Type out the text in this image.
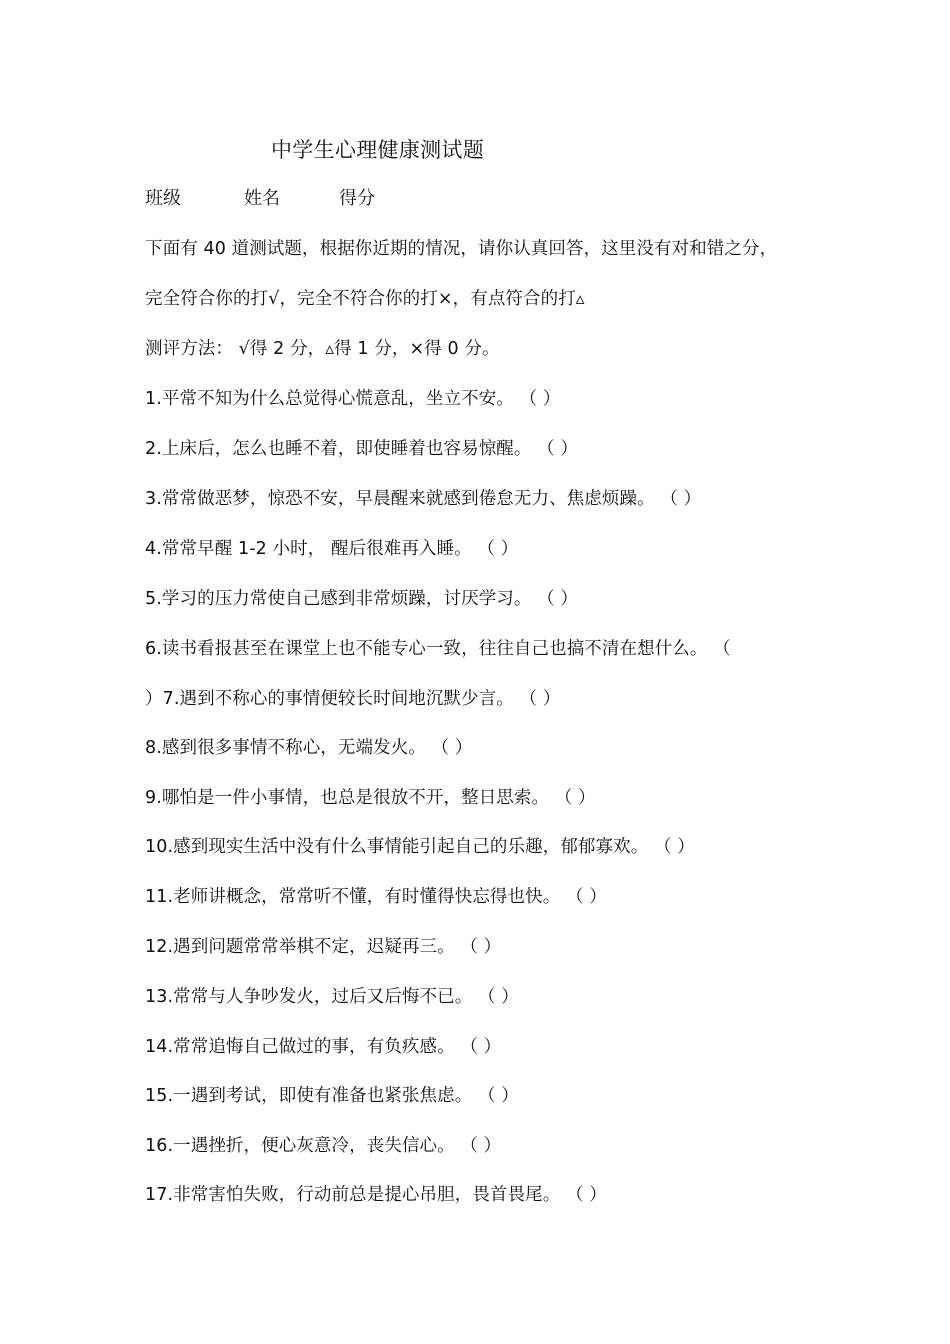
中学生心理健康测试题
班级	姓名	得分
下面有 40 道测试题，根据你近期的情况，请你认真回答，这里没有对和错之分，
完全符合你的打√，完全不符合你的打×，有点符合的打▵
测评方法： √得 2 分，▵得 1 分，×得 0 分。
1.平常不知为什么总觉得心慌意乱，坐立不安。 （ ）
2.上床后，怎么也睡不着，即使睡着也容易惊醒。 （ ）
3.常常做恶梦，惊恐不安，早晨醒来就感到倦怠无力、焦虑烦躁。 （ ）
4.常常早醒 1-2 小时， 醒后很难再入睡。 （ ）
5.学习的压力常使自己感到非常烦躁，讨厌学习。 （ ）
6.读书看报甚至在课堂上也不能专心一致，往往自己也搞不清在想什么。 （
）7.遇到不称心的事情便较长时间地沉默少言。 （ ）
8.感到很多事情不称心，无端发火。 （ ）
9.哪怕是一件小事情，也总是很放不开，整日思索。 （ ）
10.感到现实生活中没有什么事情能引起自己的乐趣，郁郁寡欢。 （ ）
11.老师讲概念，常常听不懂，有时懂得快忘得也快。 （ ）
12.遇到问题常常举棋不定，迟疑再三。 （ ）
13.常常与人争吵发火，过后又后悔不已。 （ ）
14.常常追悔自己做过的事，有负疚感。 （ ）
15.一遇到考试，即使有准备也紧张焦虑。 （ ）
16.一遇挫折，便心灰意冷，丧失信心。 （ ）
17.非常害怕失败，行动前总是提心吊胆，畏首畏尾。 （ ）
